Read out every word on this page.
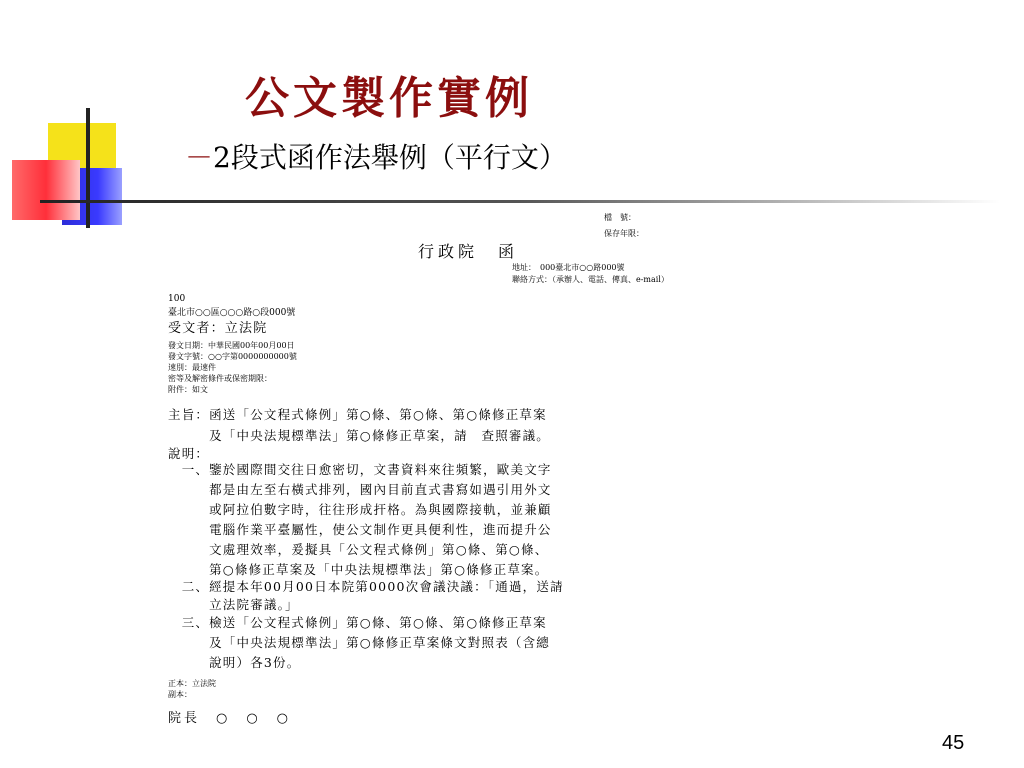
公文製作實例
－2段式函作法舉例（平行文）
檔　號：
保存年限：
行政院　函
地址：　000臺北市○○路000號
聯絡方式：（承辦人、電話、傳真、e-mail）
100
臺北市○○區○○○路○段000號
受文者：立法院
發文日期：中華民國00年00月00日
發文字號：○○字第0000000000號
速別：最速件
密等及解密條件或保密期限：
附件：如文
主旨：函送「公文程式條例」第○條、第○條、第○條修正草案
　　　及「中央法規標準法」第○條修正草案，請　查照審議。
說明：
　一、鑒於國際間交往日愈密切，文書資料來往頻繁，歐美文字
　　　都是由左至右橫式排列，國內目前直式書寫如遇引用外文
　　　或阿拉伯數字時，往往形成扞格。為與國際接軌，並兼顧
　　　電腦作業平臺屬性，使公文制作更具便利性，進而提升公
　　　文處理效率，爰擬具「公文程式條例」第○條、第○條、
　　　第○條修正草案及「中央法規標準法」第○條修正草案。
　二、經提本年00月00日本院第0000次會議決議：「通過，送請
　　　立法院審議。」
　三、檢送「公文程式條例」第○條、第○條、第○條修正草案
　　　及「中央法規標準法」第○條修正草案條文對照表（含總
　　　說明）各3份。
正本：立法院
副本：
院長　○　○　○
45
